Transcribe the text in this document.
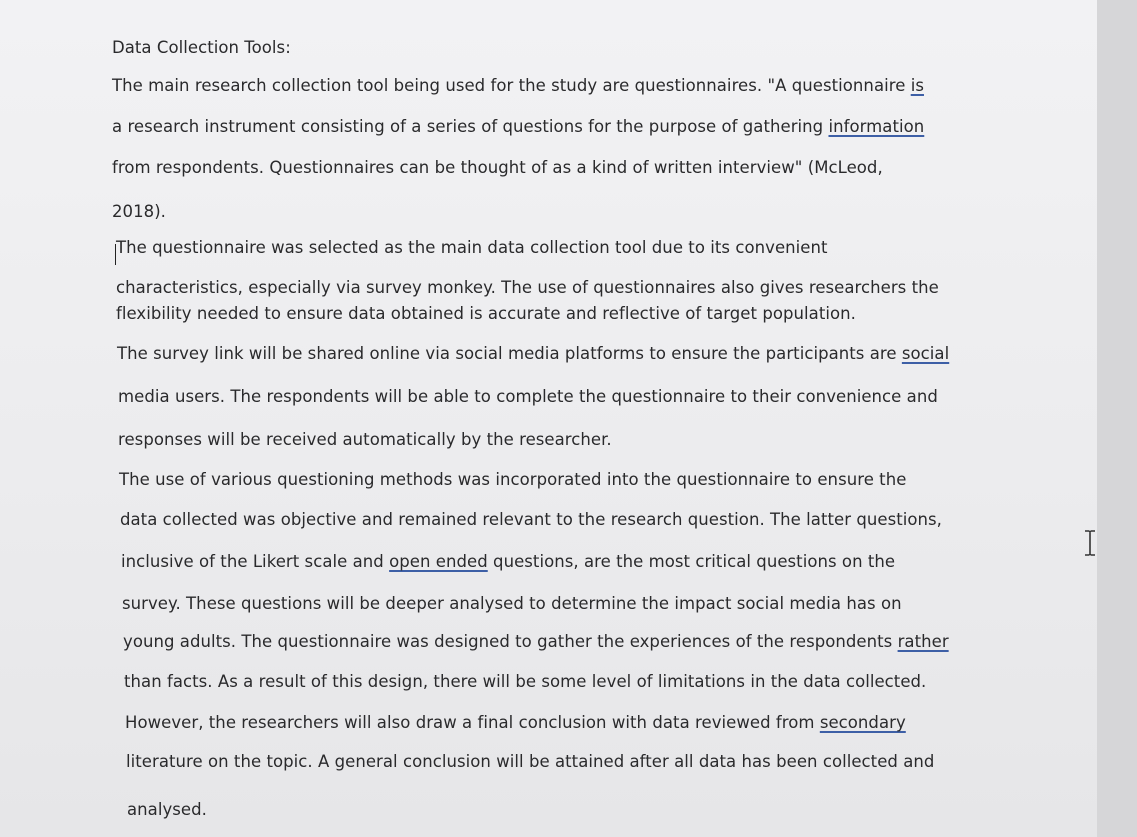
Data Collection Tools:
The main research collection tool being used for the study are questionnaires. "A questionnaire is
a research instrument consisting of a series of questions for the purpose of gathering information
from respondents. Questionnaires can be thought of as a kind of written interview" (McLeod,
2018).
The questionnaire was selected as the main data collection tool due to its convenient
characteristics, especially via survey monkey. The use of questionnaires also gives researchers the
flexibility needed to ensure data obtained is accurate and reflective of target population.
The survey link will be shared online via social media platforms to ensure the participants are social
media users. The respondents will be able to complete the questionnaire to their convenience and
responses will be received automatically by the researcher.
The use of various questioning methods was incorporated into the questionnaire to ensure the
data collected was objective and remained relevant to the research question. The latter questions,
inclusive of the Likert scale and open ended questions, are the most critical questions on the
survey. These questions will be deeper analysed to determine the impact social media has on
young adults. The questionnaire was designed to gather the experiences of the respondents rather
than facts. As a result of this design, there will be some level of limitations in the data collected.
However, the researchers will also draw a final conclusion with data reviewed from secondary
literature on the topic. A general conclusion will be attained after all data has been collected and
analysed.
